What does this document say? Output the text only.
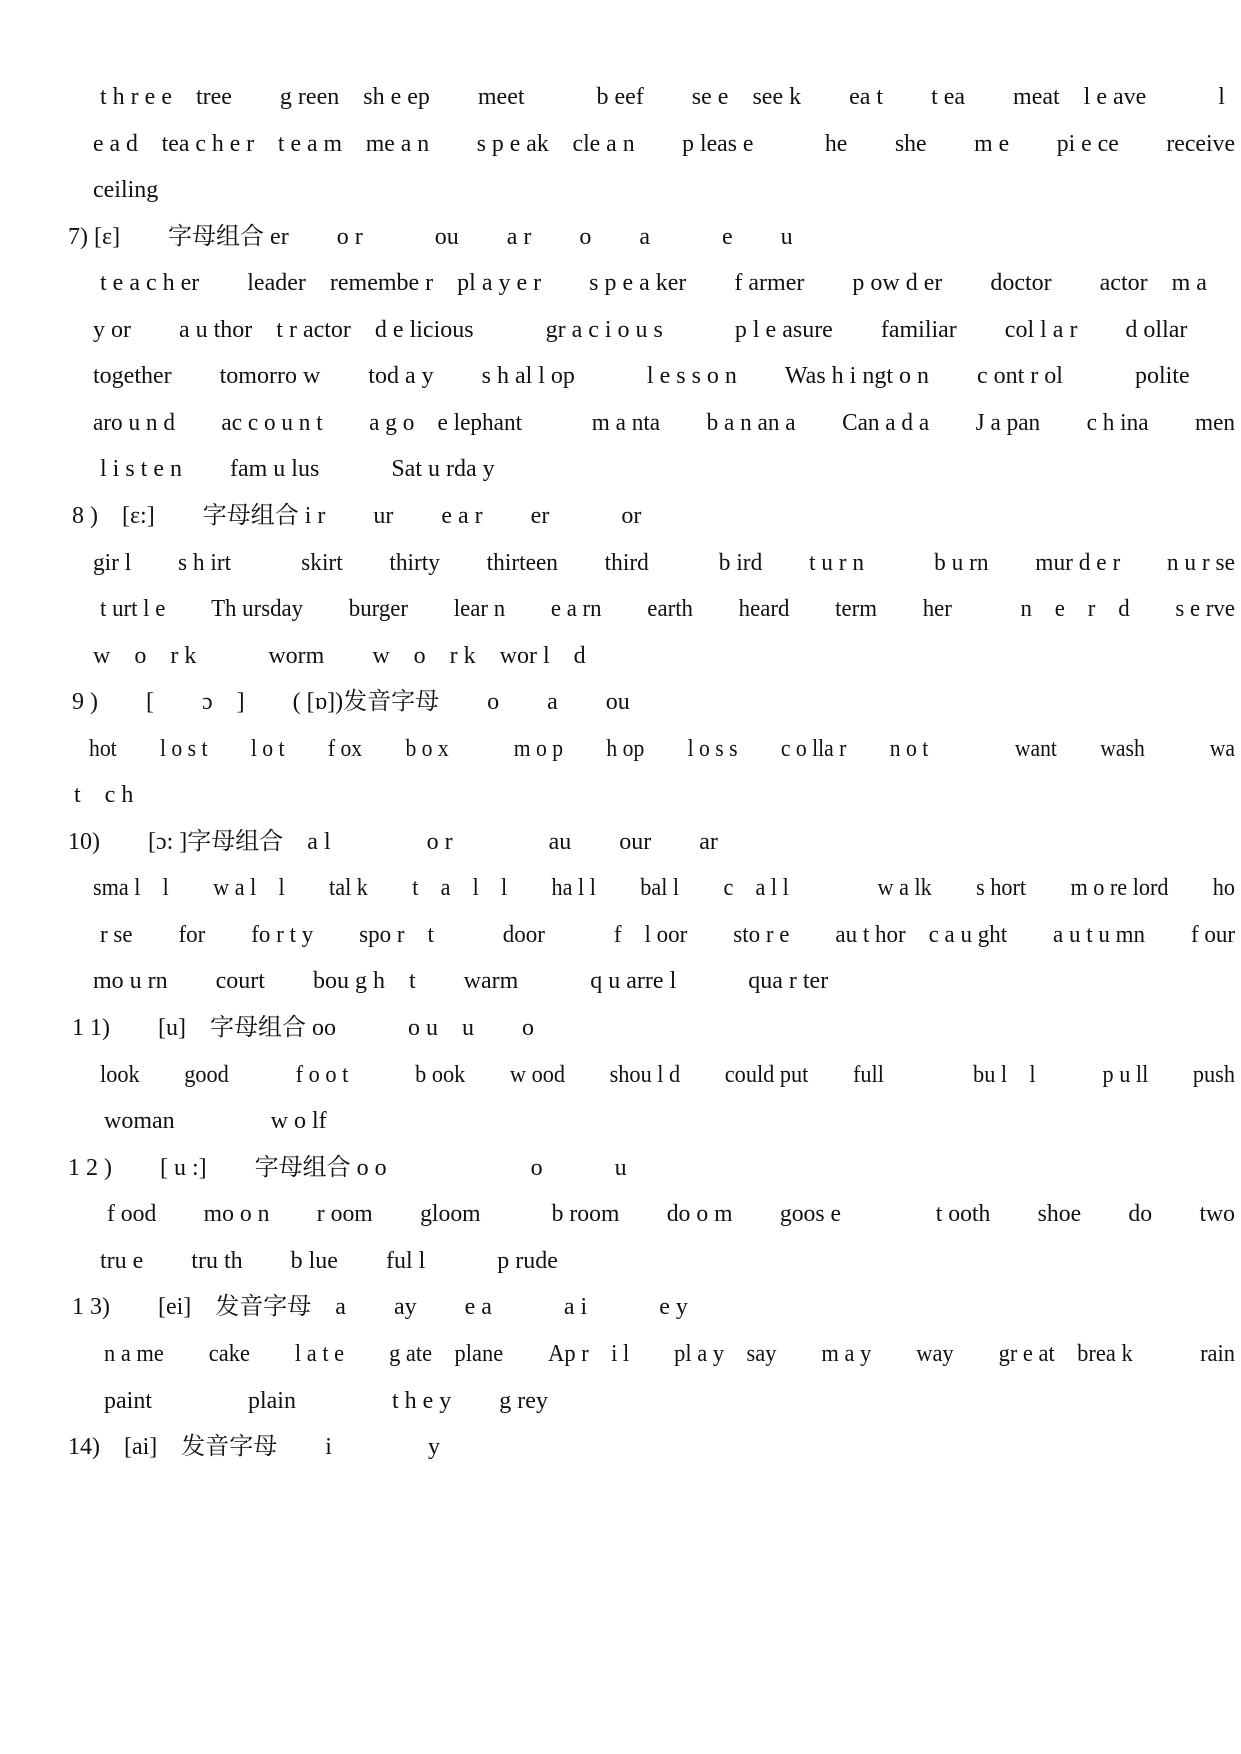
t h r e e　tree　　g reen　sh e ep　　meet　　　b eef　　se e　see k　　ea t　　t ea　　meat　l e ave　　　l
e a d　tea c h e r　t e a m　me a n　　s p e ak　cle a n　　p leas e　　　he　　she　　m e　　pi e ce　　receive
ceiling
7) [ɛ]　　字母组合 er　　o r　　　ou　　a r　　o　　a　　　e　　u
t e a c h er　　leader　remembe r　pl a y e r　　s p e a ker　　f armer　　p ow d er　　doctor　　actor　m a
y or　　a u thor　t r actor　d e licious　　　gr a c i o u s　　　p l e asure　　familiar　　col l a r　　d ollar
together　　tomorro w　　tod a y　　s h al l op　　　l e s s o n　　Was h i ngt o n　　c ont r ol　　　polite
aro u n d　　ac c o u n t　　a g o　e lephant　　　m a nta　　b a n an a　　Can a d a　　J a pan　　c h ina　　men
l i s t e n　　fam u lus　　　Sat u rda y
8 )　[ɛ:]　　字母组合 i r　　ur　　e a r　　er　　　or
gir l　　s h irt　　　skirt　　thirty　　thirteen　　third　　　b ird　　t u r n　　　b u rn　　mur d e r　　n u r se
t urt l e　　Th ursday　　burger　　lear n　　e a rn　　earth　　heard　　term　　her　　　n　e　r　d　　s e rve
w　o　r k　　　worm　　w　o　r k　wor l　d
9 )　　[　　ɔ　]　　( [ɒ])发音字母　　o　　a　　ou
hot　　l o s t　　l o t　　f ox　　b o x　　　m o p　　h op　　l o s s　　c o lla r　　n o t　　　　want　　wash　　　wa
t　c h
10)　　[ɔ: ]字母组合　a l　　　　o r　　　　au　　our　　ar
sma l　l　　w a l　l　　tal k　　t　a　l　l　　ha l l　　bal l　　c　a l l　　　　w a lk　　s hort　　m o re lord　　ho
r se　　for　　fo r t y　　spo r　t　　　door　　　f　l oor　　sto r e　　au t hor　c a u ght　　a u t u mn　　f our
mo u rn　　court　　bou g h　t　　warm　　　q u arre l　　　qua r ter
1 1)　　[u]　字母组合 oo　　　o u　u　　o
look　　good　　　f o o t　　　b ook　　w ood　　shou l d　　could put　　full　　　　bu l　l　　　p u ll　　push
woman　　　　w o lf
1 2 )　　[ u :]　　字母组合 o o　　　　　　o　　　u
f ood　　mo o n　　r oom　　gloom　　　b room　　do o m　　goos e　　　　t ooth　　shoe　　do　　two
tru e　　tru th　　b lue　　ful l　　　p rude
1 3)　　[ei]　发音字母　a　　ay　　e a　　　a i　　　e y
n a me　　cake　　l a t e　　g ate　plane　　Ap r　i l　　pl a y　say　　m a y　　way　　gr e at　brea k　　　rain
paint　　　　plain　　　　t h e y　　g rey
14)　[ai]　发音字母　　i　　　　y
